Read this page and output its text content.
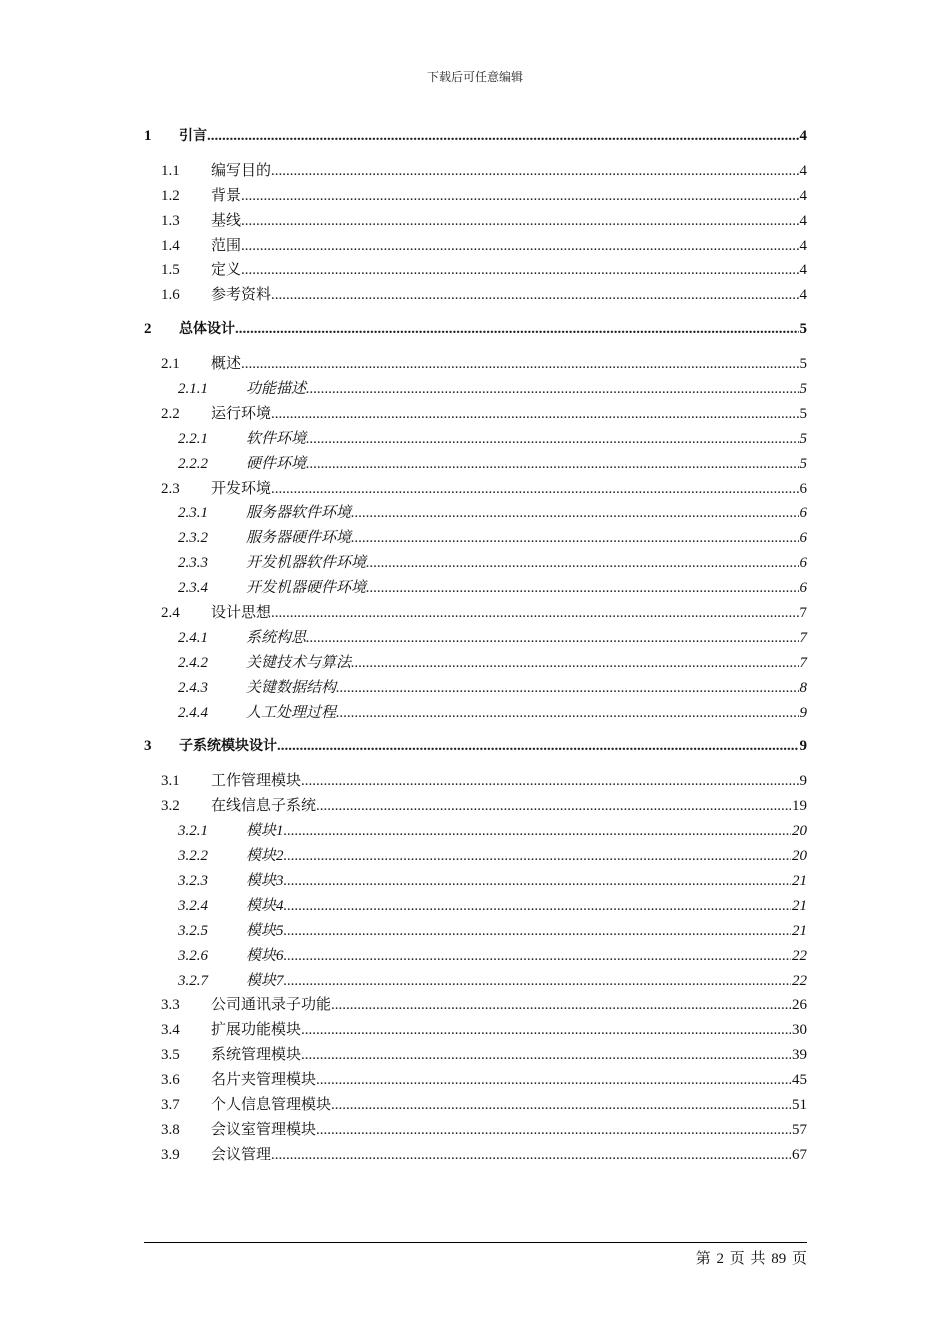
下载后可任意编辑
1	引言 .....	4
1.1	编写目的 .....	4
1.2	背景 .....	4
1.3	基线 .....	4
1.4	范围 .....	4
1.5	定义 .....	4
1.6	参考资料 .....	4
2	总体设计 .....	5
2.1	概述 .....	5
2.1.1	功能描述 .....	5
2.2	运行环境 .....	5
2.2.1	软件环境 .....	5
2.2.2	硬件环境 .....	5
2.3	开发环境 .....	6
2.3.1	服务器软件环境 .....	6
2.3.2	服务器硬件环境 .....	6
2.3.3	开发机器软件环境 .....	6
2.3.4	开发机器硬件环境 .....	6
2.4	设计思想 .....	7
2.4.1	系统构思 .....	7
2.4.2	关键技术与算法 .....	7
2.4.3	关键数据结构 .....	8
2.4.4	人工处理过程 .....	9
3	子系统模块设计 .....	9
3.1	工作管理模块 .....	9
3.2	在线信息子系统 .....	19
3.2.1	模块1 .....	20
3.2.2	模块2 .....	20
3.2.3	模块3 .....	21
3.2.4	模块4 .....	21
3.2.5	模块5 .....	21
3.2.6	模块6 .....	22
3.2.7	模块7 .....	22
3.3	公司通讯录子功能 .....	26
3.4	扩展功能模块 .....	30
3.5	系统管理模块 .....	39
3.6	名片夹管理模块 .....	45
3.7	个人信息管理模块 .....	51
3.8	会议室管理模块 .....	57
3.9	会议管理 .....	67
第 2 页 共 89 页
